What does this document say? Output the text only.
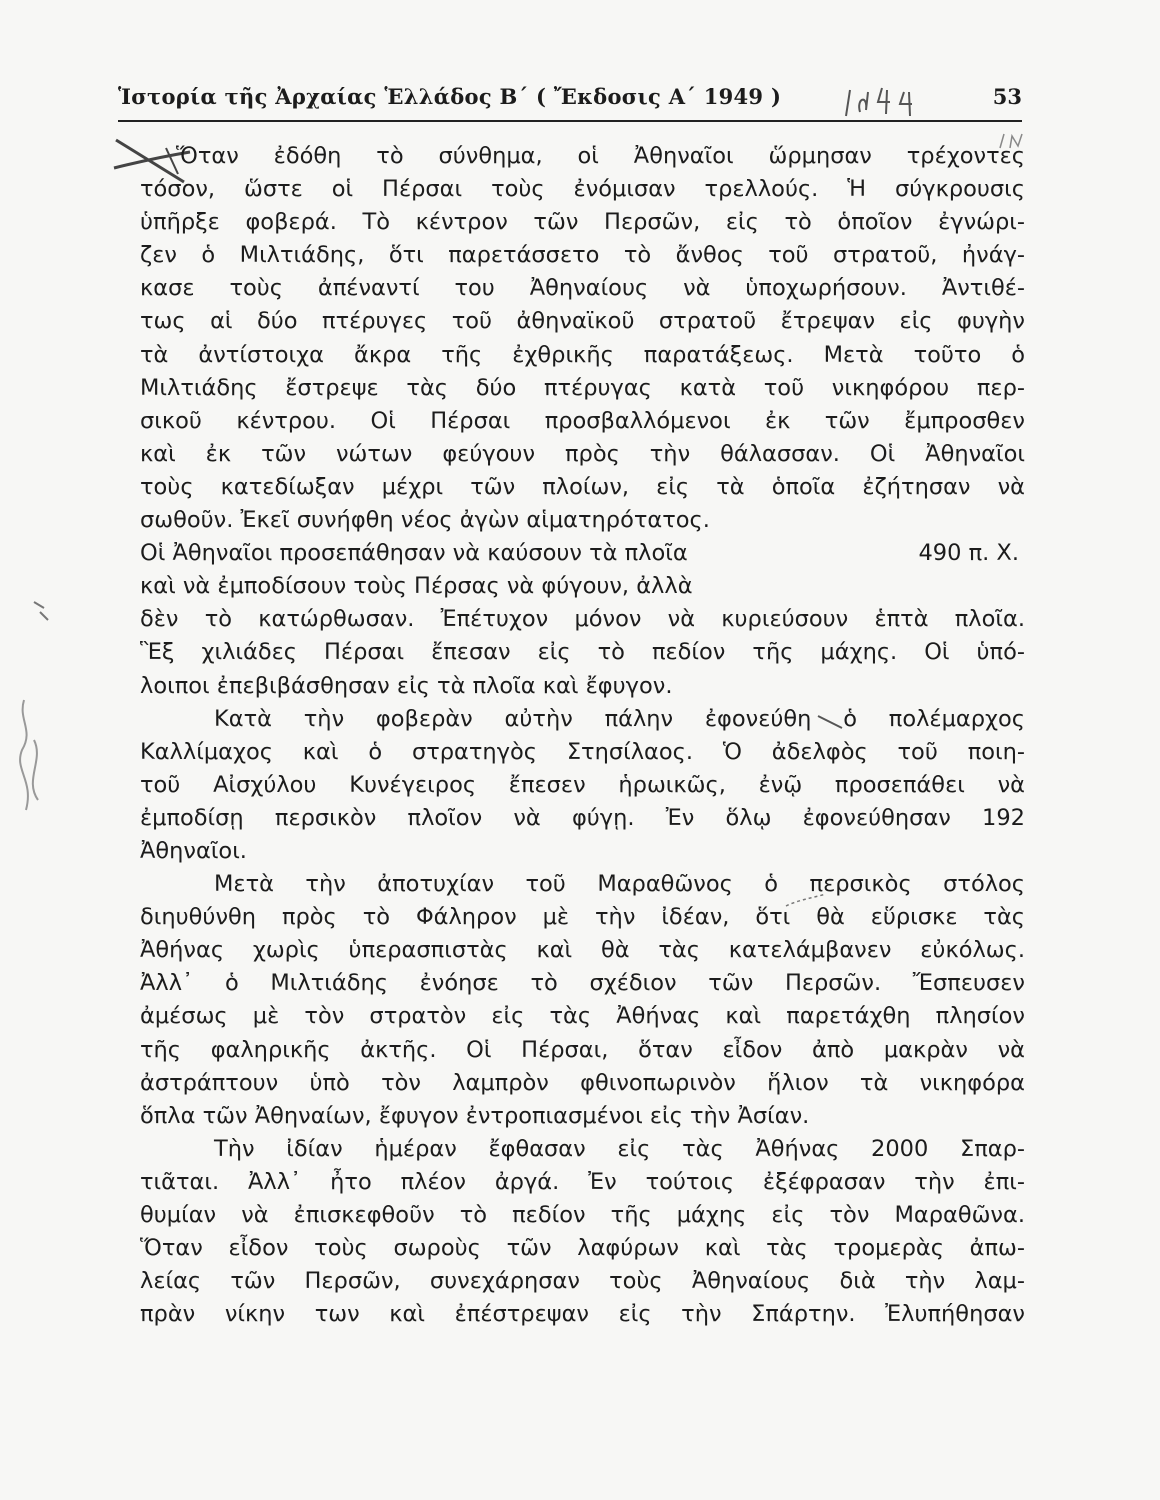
Ἱστορία τῆς Ἀρχαίας Ἑλλάδος Β΄ ( Ἔκδοσις Α΄ 1949 )	53
Ὅταν ἐδόθη τὸ σύνθημα, οἱ Ἀθηναῖοι ὥρμησαν τρέχοντες
τόσον, ὥστε οἱ Πέρσαι τοὺς ἐνόμισαν τρελλούς. Ἡ σύγκρουσις
ὑπῆρξε φοβερά. Τὸ κέντρον τῶν Περσῶν, εἰς τὸ ὁποῖον ἐγνώρι-
ζεν ὁ Μιλτιάδης, ὅτι παρετάσσετο τὸ ἄνθος τοῦ στρατοῦ, ἠνάγ-
κασε τοὺς ἀπέναντί του Ἀθηναίους νὰ ὑποχωρήσουν. Ἀντιθέ-
τως αἱ δύο πτέρυγες τοῦ ἀθηναϊκοῦ στρατοῦ ἔτρεψαν εἰς φυγὴν
τὰ ἀντίστοιχα ἄκρα τῆς ἐχθρικῆς παρατάξεως. Μετὰ τοῦτο ὁ
Μιλτιάδης ἔστρεψε τὰς δύο πτέρυγας κατὰ τοῦ νικηφόρου περ-
σικοῦ κέντρου. Οἱ Πέρσαι προσβαλλόμενοι ἐκ τῶν ἔμπροσθεν
καὶ ἐκ τῶν νώτων φεύγουν πρὸς τὴν θάλασσαν. Οἱ Ἀθηναῖοι
τοὺς κατεδίωξαν μέχρι τῶν πλοίων, εἰς τὰ ὁποῖα ἐζήτησαν νὰ
σωθοῦν. Ἐκεῖ συνήφθη νέος ἀγὼν αἱματηρότατος.
Οἱ Ἀθηναῖοι προσεπάθησαν νὰ καύσουν τὰ πλοῖα	490 π. Χ.
καὶ νὰ ἐμποδίσουν τοὺς Πέρσας νὰ φύγουν, ἀλλὰ
δὲν τὸ κατώρθωσαν. Ἐπέτυχον μόνον νὰ κυριεύσουν ἑπτὰ πλοῖα.
Ἓξ χιλιάδες Πέρσαι ἔπεσαν εἰς τὸ πεδίον τῆς μάχης. Οἱ ὑπό-
λοιποι ἐπεβιβάσθησαν εἰς τὰ πλοῖα καὶ ἔφυγον.
Κατὰ τὴν φοβερὰν αὐτὴν πάλην ἐφονεύθη ὁ πολέμαρχος
Καλλίμαχος καὶ ὁ στρατηγὸς Στησίλαος. Ὁ ἀδελφὸς τοῦ ποιη-
τοῦ Αἰσχύλου Κυνέγειρος ἔπεσεν ἡρωικῶς, ἐνῷ προσεπάθει νὰ
ἐμποδίσῃ περσικὸν πλοῖον νὰ φύγῃ. Ἐν ὅλῳ ἐφονεύθησαν 192
Ἀθηναῖοι.
Μετὰ τὴν ἀποτυχίαν τοῦ Μαραθῶνος ὁ περσικὸς στόλος
διηυθύνθη πρὸς τὸ Φάληρον μὲ τὴν ἰδέαν, ὅτι θὰ εὕρισκε τὰς
Ἀθήνας χωρὶς ὑπερασπιστὰς καὶ θὰ τὰς κατελάμβανεν εὐκόλως.
Ἀλλ᾽ ὁ Μιλτιάδης ἐνόησε τὸ σχέδιον τῶν Περσῶν. Ἔσπευσεν
ἀμέσως μὲ τὸν στρατὸν εἰς τὰς Ἀθήνας καὶ παρετάχθη πλησίον
τῆς φαληρικῆς ἀκτῆς. Οἱ Πέρσαι, ὅταν εἶδον ἀπὸ μακρὰν νὰ
ἀστράπτουν ὑπὸ τὸν λαμπρὸν φθινοπωρινὸν ἥλιον τὰ νικηφόρα
ὅπλα τῶν Ἀθηναίων, ἔφυγον ἐντροπιασμένοι εἰς τὴν Ἀσίαν.
Τὴν ἰδίαν ἡμέραν ἔφθασαν εἰς τὰς Ἀθήνας 2000 Σπαρ-
τιᾶται. Ἀλλ᾽ ἦτο πλέον ἀργά. Ἐν τούτοις ἐξέφρασαν τὴν ἐπι-
θυμίαν νὰ ἐπισκεφθοῦν τὸ πεδίον τῆς μάχης εἰς τὸν Μαραθῶνα.
Ὅταν εἶδον τοὺς σωροὺς τῶν λαφύρων καὶ τὰς τρομερὰς ἀπω-
λείας τῶν Περσῶν, συνεχάρησαν τοὺς Ἀθηναίους διὰ τὴν λαμ-
πρὰν νίκην των καὶ ἐπέστρεψαν εἰς τὴν Σπάρτην. Ἐλυπήθησαν
